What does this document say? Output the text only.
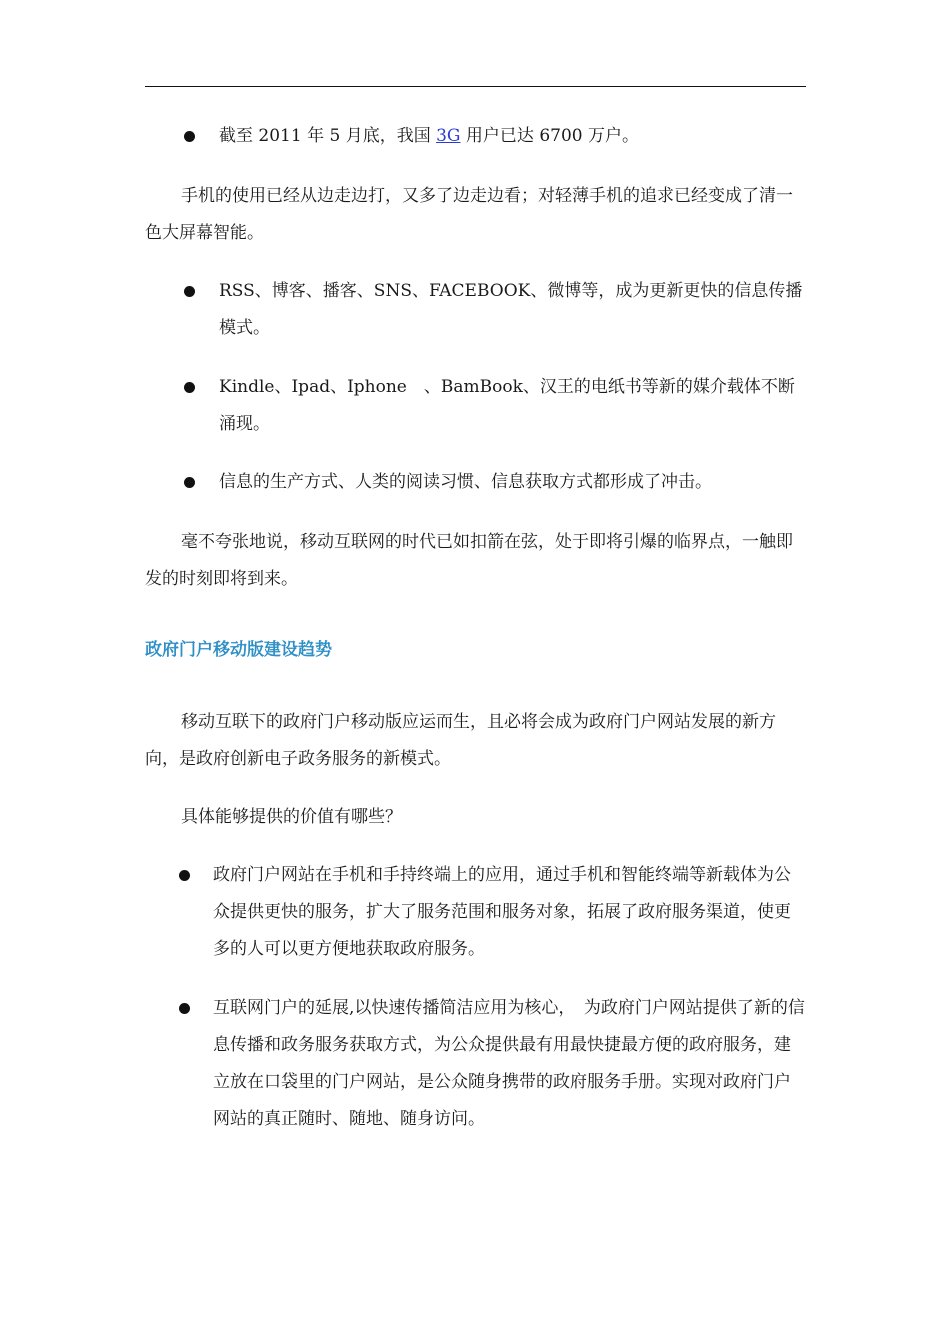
截至 2011 年 5 月底，我国 3G 用户已达 6700 万户。

手机的使用已经从边走边打，又多了边走边看；对轻薄手机的追求已经变成了清一色大屏幕智能。

RSS、博客、播客、SNS、FACEBOOK、微博等，成为更新更快的信息传播模式。
Kindle、Ipad、Iphone　、BamBook、汉王的电纸书等新的媒介载体不断涌现。
信息的生产方式、人类的阅读习惯、信息获取方式都形成了冲击。

毫不夸张地说，移动互联网的时代已如扣箭在弦，处于即将引爆的临界点，一触即发的时刻即将到来。

政府门户移动版建设趋势

移动互联下的政府门户移动版应运而生，且必将会成为政府门户网站发展的新方向，是政府创新电子政务服务的新模式。

具体能够提供的价值有哪些？

政府门户网站在手机和手持终端上的应用，通过手机和智能终端等新载体为公众提供更快的服务，扩大了服务范围和服务对象，拓展了政府服务渠道，使更多的人可以更方便地获取政府服务。
互联网门户的延展,以快速传播简洁应用为核心，　为政府门户网站提供了新的信息传播和政务服务获取方式，为公众提供最有用最快捷最方便的政府服务，建立放在口袋里的门户网站，是公众随身携带的政府服务手册。实现对政府门户网站的真正随时、随地、随身访问。
